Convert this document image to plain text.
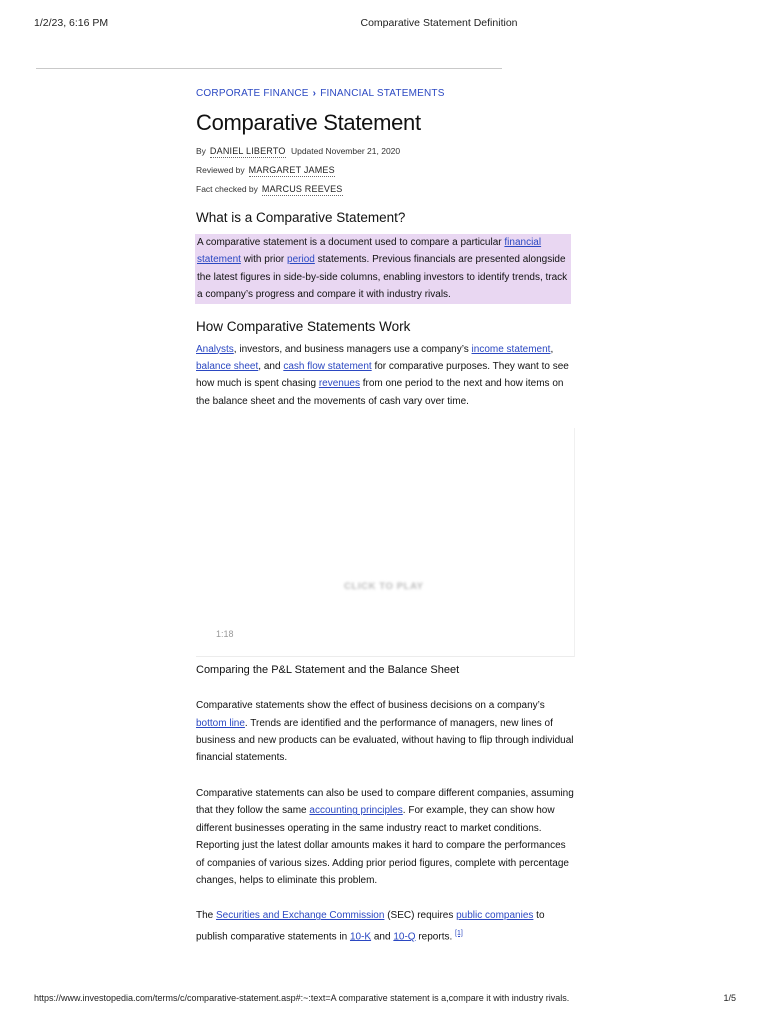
1/2/23, 6:16 PM	Comparative Statement Definition
CORPORATE FINANCE › FINANCIAL STATEMENTS
Comparative Statement
By DANIEL LIBERTO Updated November 21, 2020
Reviewed by MARGARET JAMES
Fact checked by MARCUS REEVES
What is a Comparative Statement?

A comparative statement is a document used to compare a particular financial statement with prior period statements. Previous financials are presented alongside the latest figures in side-by-side columns, enabling investors to identify trends, track a company’s progress and compare it with industry rivals.

How Comparative Statements Work

Analysts, investors, and business managers use a company’s income statement, balance sheet, and cash flow statement for comparative purposes. They want to see how much is spent chasing revenues from one period to the next and how items on the balance sheet and the movements of cash vary over time.

CLICK TO PLAY
1:18
Comparing the P&L Statement and the Balance Sheet

Comparative statements show the effect of business decisions on a company’s bottom line. Trends are identified and the performance of managers, new lines of business and new products can be evaluated, without having to flip through individual financial statements.

Comparative statements can also be used to compare different companies, assuming that they follow the same accounting principles. For example, they can show how different businesses operating in the same industry react to market conditions. Reporting just the latest dollar amounts makes it hard to compare the performances of companies of various sizes. Adding prior period figures, complete with percentage changes, helps to eliminate this problem.

The Securities and Exchange Commission (SEC) requires public companies to publish comparative statements in 10-K and 10-Q reports. [1]

https://www.investopedia.com/terms/c/comparative-statement.asp#:~:text=A comparative statement is a,compare it with industry rivals.	1/5
